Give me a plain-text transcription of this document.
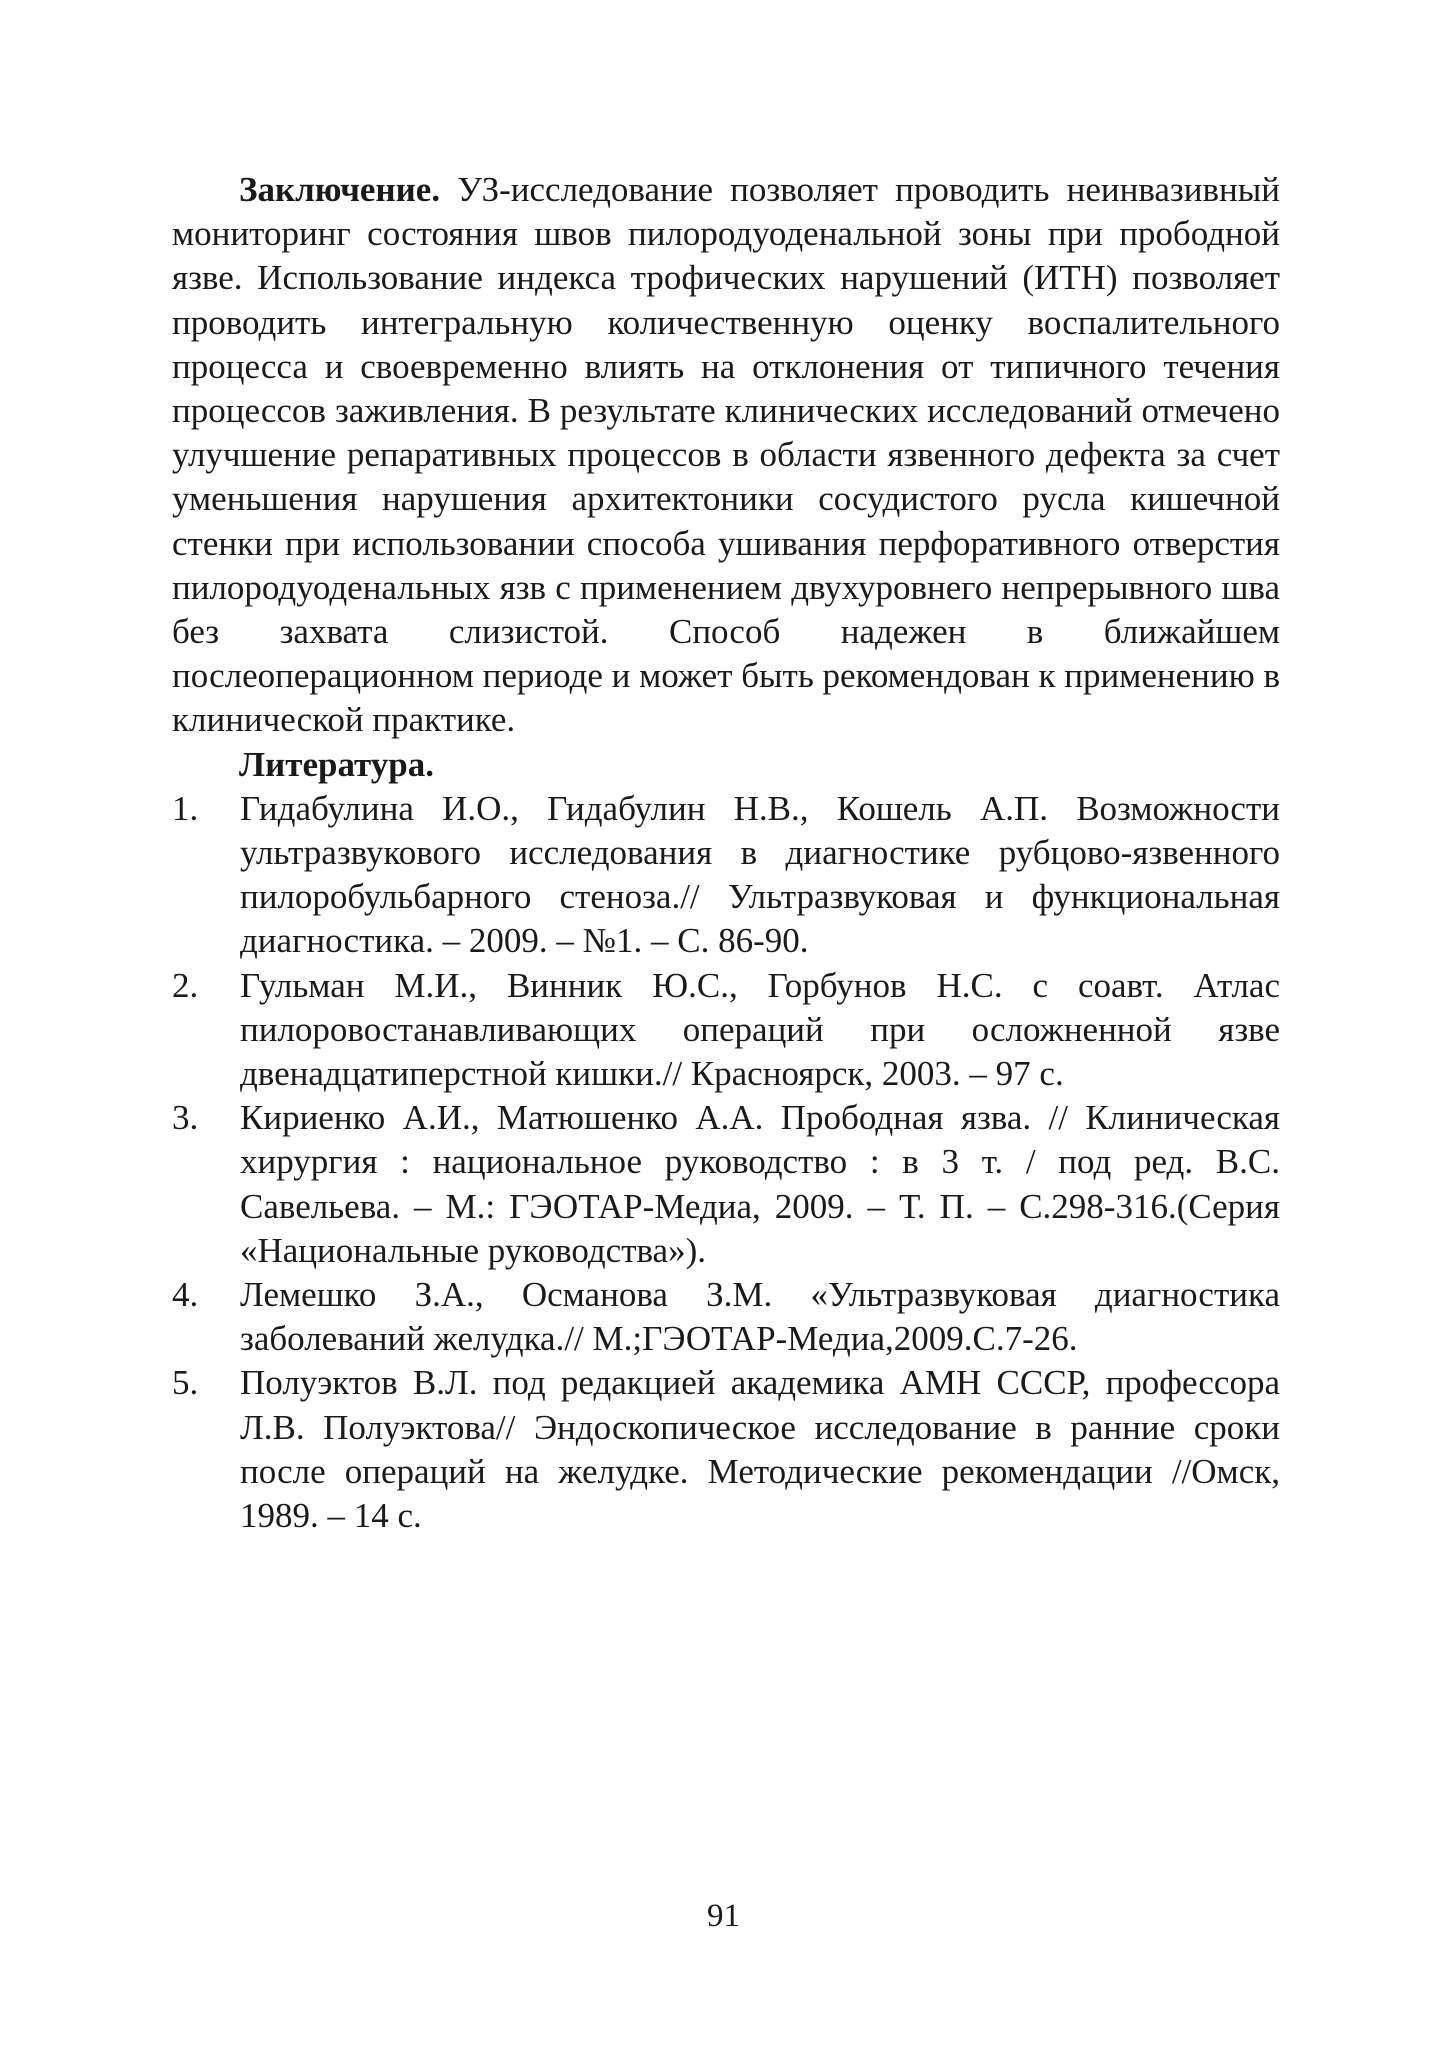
Заключение. УЗ-исследование позволяет проводить неинвазивный мониторинг состояния швов пилородуоденальной зоны при прободной язве. Использование индекса трофических нарушений (ИТН) позволяет проводить интегральную количественную оценку воспалительного процесса и своевременно влиять на отклонения от типичного течения процессов заживления. В результате клинических исследований отмечено улучшение репаративных процессов в области язвенного дефекта за счет уменьшения нарушения архитектоники сосудистого русла кишечной стенки при использовании способа ушивания перфоративного отверстия пилородуоденальных язв с применением двухуровнего непрерывного шва без захвата слизистой. Способ надежен в ближайшем послеоперационном периоде и может быть рекомендован к применению в клинической практике.

Литература.

1. Гидабулина И.О., Гидабулин Н.В., Кошель А.П. Возможности ультразвукового исследования в диагностике рубцово-язвенного пилоробульбарного стеноза.// Ультразвуковая и функциональная диагностика. – 2009. – №1. – С. 86-90.
2. Гульман М.И., Винник Ю.С., Горбунов Н.С. с соавт. Атлас пилоровостанавливающих операций при осложненной язве двенадцатиперстной кишки.// Красноярск, 2003. – 97 с.
3. Кириенко А.И., Матюшенко А.А. Прободная язва. // Клиническая хирургия : национальное руководство : в 3 т. / под ред. В.С. Савельева. – М.: ГЭОТАР-Медиа, 2009. – Т. П. – С.298-316.(Серия «Национальные руководства»).
4. Лемешко З.А., Османова З.М. «Ультразвуковая диагностика заболеваний желудка.// М.;ГЭОТАР-Медиа,2009.С.7-26.
5. Полуэктов В.Л. под редакцией академика АМН СССР, профессора Л.В. Полуэктова// Эндоскопическое исследование в ранние сроки после операций на желудке. Методические рекомендации //Омск, 1989. – 14 с.
91
